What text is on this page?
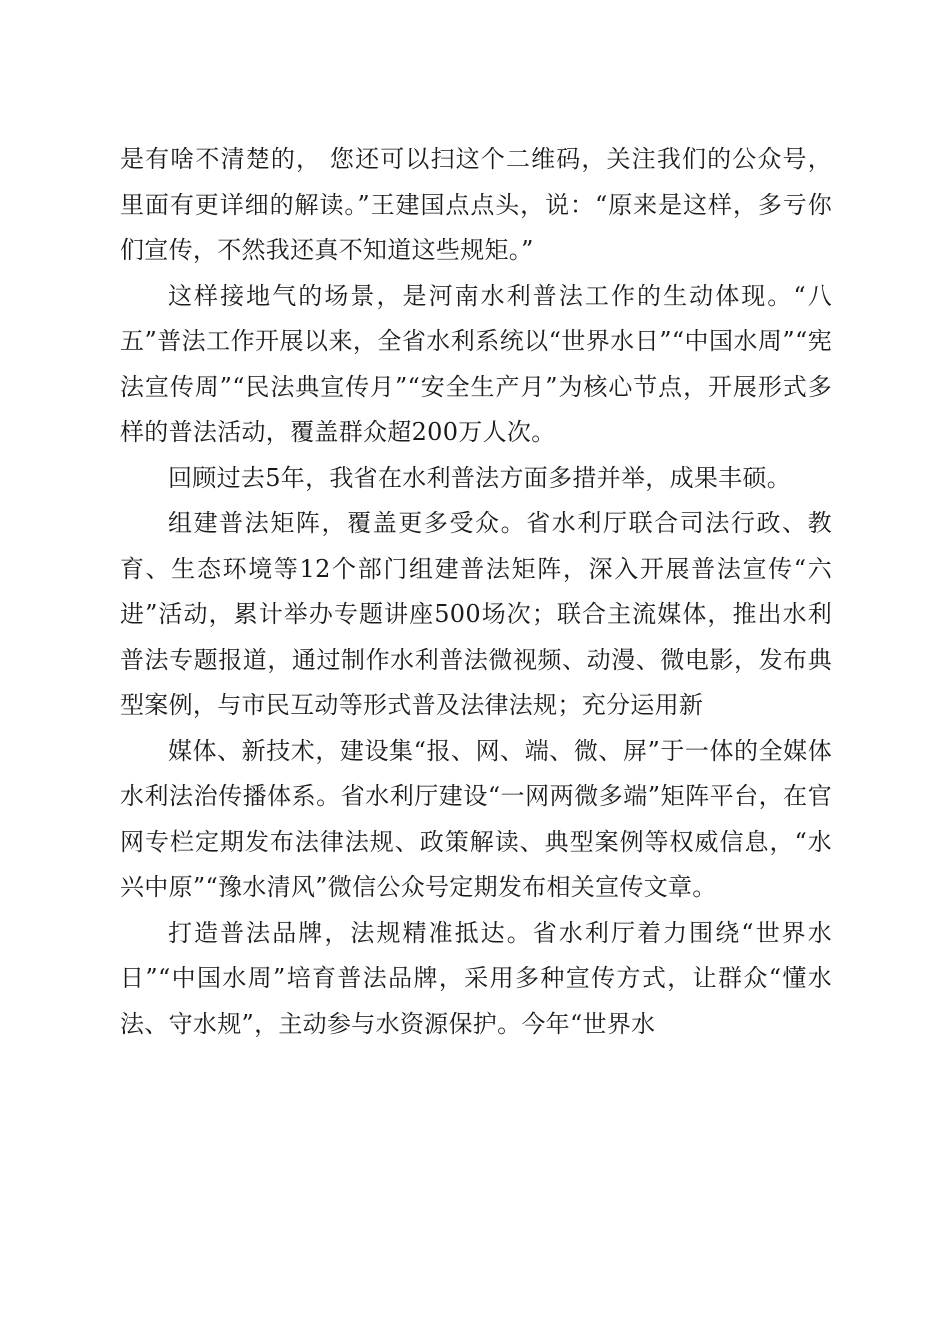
是有啥不清楚的， 您还可以扫这个二维码，关注我们的公众号，里面有更详细的解读。”王建国点点头，说：“原来是这样，多亏你们宣传，不然我还真不知道这些规矩。”

这样接地气的场景，是河南水利普法工作的生动体现。“八五”普法工作开展以来，全省水利系统以“世界水日”“中国水周”“宪法宣传周”“民法典宣传月”“安全生产月”为核心节点，开展形式多样的普法活动，覆盖群众超200万人次。

回顾过去5年，我省在水利普法方面多措并举，成果丰硕。

组建普法矩阵，覆盖更多受众。省水利厅联合司法行政、教育、生态环境等12个部门组建普法矩阵，深入开展普法宣传“六进”活动，累计举办专题讲座500场次；联合主流媒体，推出水利普法专题报道，通过制作水利普法微视频、动漫、微电影，发布典型案例，与市民互动等形式普及法律法规；充分运用新

媒体、新技术，建设集“报、网、端、微、屏”于一体的全媒体水利法治传播体系。省水利厅建设“一网两微多端”矩阵平台，在官网专栏定期发布法律法规、政策解读、典型案例等权威信息，“水兴中原”“豫水清风”微信公众号定期发布相关宣传文章。

打造普法品牌，法规精准抵达。省水利厅着力围绕“世界水日”“中国水周”培育普法品牌，采用多种宣传方式，让群众“懂水法、守水规”，主动参与水资源保护。今年“世界水
